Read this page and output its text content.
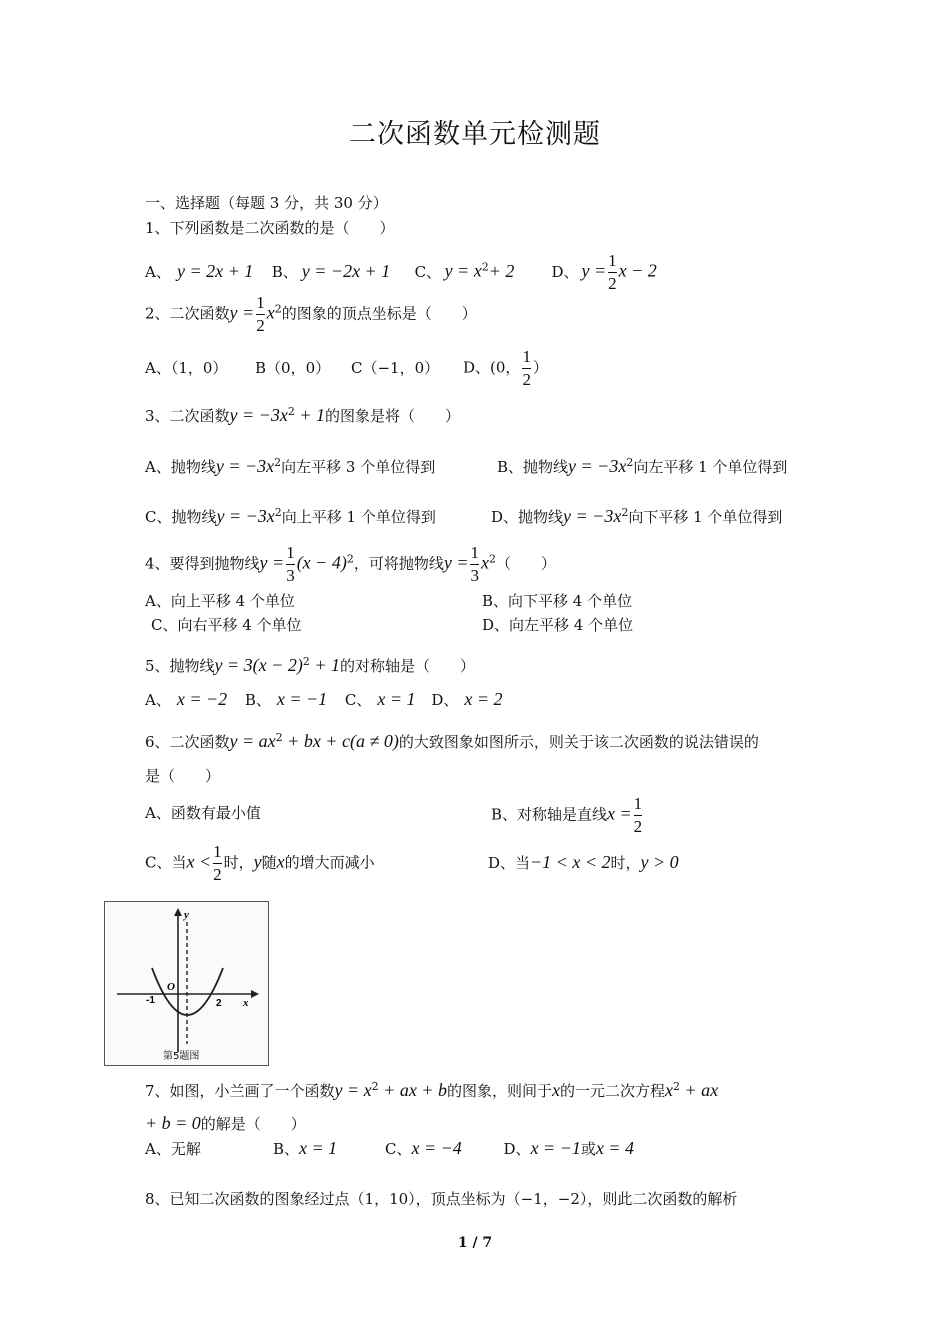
二次函数单元检测题
一、选择题（每题 3 分，共 30 分）
1、下列函数是二次函数的是（　　）
A、 y = 2x + 1 B、 y = −2x + 1 C、 $y = x^2+ 2$ D、 $y = \frac{1}{2}$ x − 2
2、二次函数$y = \frac{1}{2} x^2$的图象的顶点坐标是（　　）
A、（1，0） B（0，0） C（−1，0） D、(0， $\frac{1}{2}$ ）
3、二次函数$y = -3x^2 + 1$的图象是将（　　）
A、抛物线$y = -3x^2$向左平移 3 个单位得到	B、抛物线$y = -3x^2$向左平移 1 个单位得到
C、抛物线$y = -3x^2$向上平移 1 个单位得到	D、抛物线$y = -3x^2$向下平移 1 个单位得到
4、要得到抛物线$y = \frac{1}{3} (x - 4)^2$，可将抛物线$y = \frac{1}{3} x^2$（　　）
A、向上平移 4 个单位	B、向下平移 4 个单位
C、向右平移 4 个单位	D、向左平移 4 个单位
5、抛物线$y = 3(x - 2)^2 + 1$的对称轴是（　　）
A、 x = −2 B、 x = −1 C、 x = 1 D、 x = 2
6、二次函数$y = ax^2$ + bx + c(a ≠ 0)的大致图象如图所示，则关于该二次函数的说法错误的
是（　　）
A、函数有最小值	B、对称轴是直线$x = \frac{1}{2}$
C、当$x < \frac{1}{2}$ 时，y随x的增大而减小	D、当−1 < x < 2时，y > 0
y
x
O
-1	2
第5题图
7、如图，小兰画了一个函数$y = x^2$ + ax + b的图象，则间于x的一元二次方程$x^2$ + ax
+ b = 0的解是（　　）
A、无解	B、x = 1	C、x = −4	D、x = −1或x = 4
8、已知二次函数的图象经过点（1，10），顶点坐标为（−1，−2），则此二次函数的解析
1 / 7
